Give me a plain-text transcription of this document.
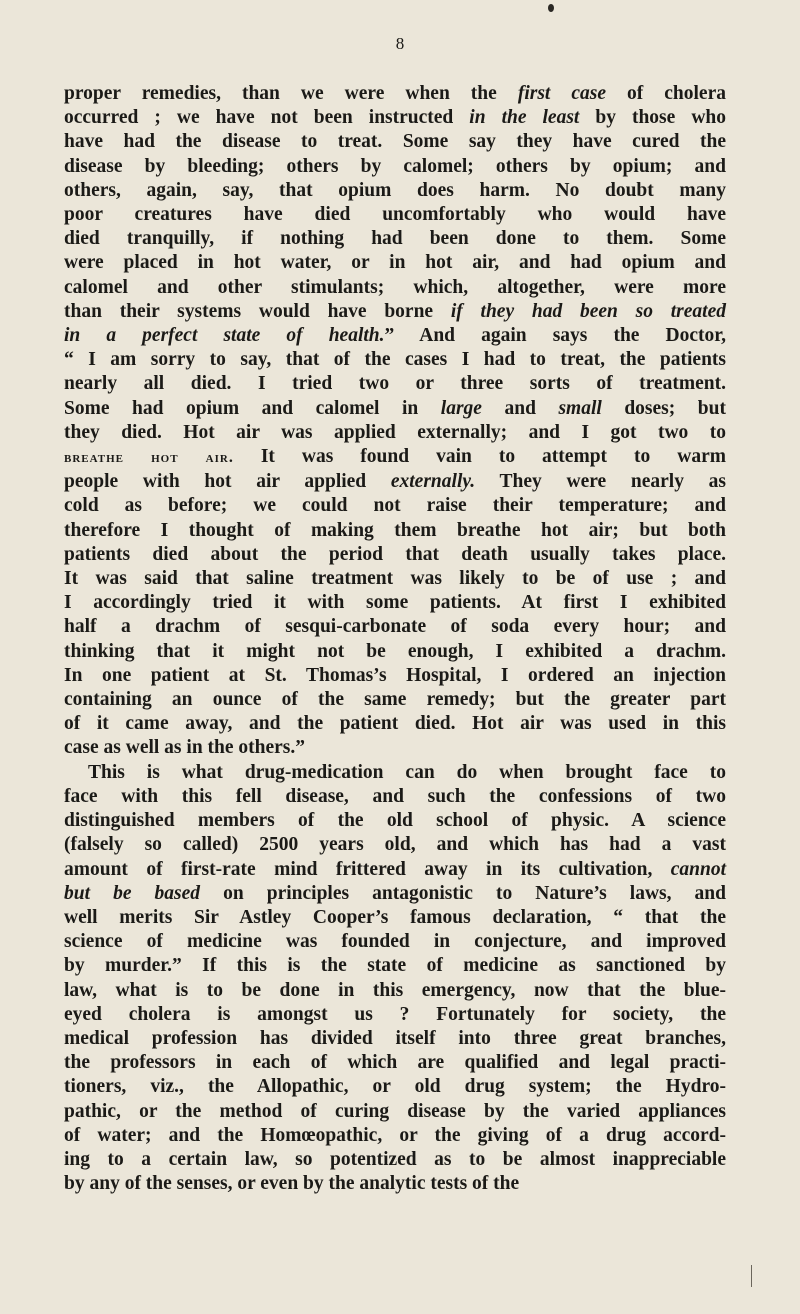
8
proper remedies, than we were when the first case of cholera
occurred ; we have not been instructed in the least by those who
have had the disease to treat. Some say they have cured the
disease by bleeding; others by calomel; others by opium; and
others, again, say, that opium does harm. No doubt many
poor creatures have died uncomfortably who would have
died tranquilly, if nothing had been done to them. Some
were placed in hot water, or in hot air, and had opium and
calomel and other stimulants; which, altogether, were more
than their systems would have borne if they had been so treated
in a perfect state of health.” And again says the Doctor,
“ I am sorry to say, that of the cases I had to treat, the patients
nearly all died. I tried two or three sorts of treatment.
Some had opium and calomel in large and small doses; but
they died. Hot air was applied externally; and I got two to
breathe hot air. It was found vain to attempt to warm
people with hot air applied externally. They were nearly as
cold as before; we could not raise their temperature; and
therefore I thought of making them breathe hot air; but both
patients died about the period that death usually takes place.
It was said that saline treatment was likely to be of use ; and
I accordingly tried it with some patients. At first I exhibited
half a drachm of sesqui-carbonate of soda every hour; and
thinking that it might not be enough, I exhibited a drachm.
In one patient at St. Thomas’s Hospital, I ordered an injection
containing an ounce of the same remedy; but the greater part
of it came away, and the patient died. Hot air was used in this
case as well as in the others.”
This is what drug-medication can do when brought face to
face with this fell disease, and such the confessions of two
distinguished members of the old school of physic. A science
(falsely so called) 2500 years old, and which has had a vast
amount of first-rate mind frittered away in its cultivation, cannot
but be based on principles antagonistic to Nature’s laws, and
well merits Sir Astley Cooper’s famous declaration, “ that the
science of medicine was founded in conjecture, and improved
by murder.” If this is the state of medicine as sanctioned by
law, what is to be done in this emergency, now that the blue-
eyed cholera is amongst us ? Fortunately for society, the
medical profession has divided itself into three great branches,
the professors in each of which are qualified and legal practi-
tioners, viz., the Allopathic, or old drug system; the Hydro-
pathic, or the method of curing disease by the varied appliances
of water; and the Homœopathic, or the giving of a drug accord-
ing to a certain law, so potentized as to be almost inappreciable
by any of the senses, or even by the analytic tests of the
